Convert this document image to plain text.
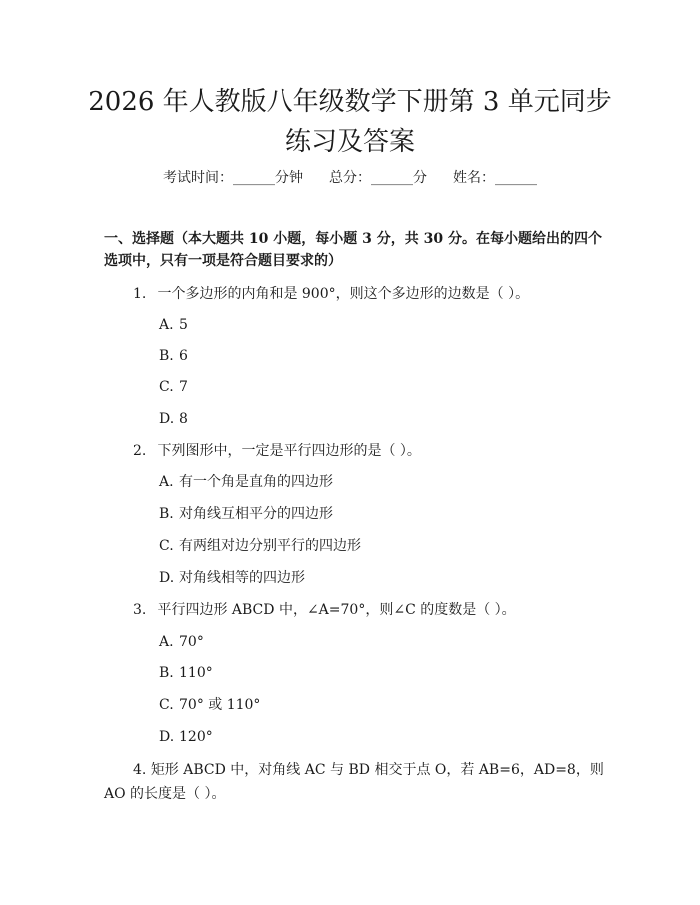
2026 年人教版八年级数学下册第 3 单元同步
练习及答案
考试时间：______分钟 总分：______分 姓名：______

一、选择题（本大题共 10 小题，每小题 3 分，共 30 分。在每小题给出的四个选项中，只有一项是符合题目要求的）

1. 一个多边形的内角和是 900°，则这个多边形的边数是（ ）。
A. 5
B. 6
C. 7
D. 8
2. 下列图形中，一定是平行四边形的是（ ）。
A. 有一个角是直角的四边形
B. 对角线互相平分的四边形
C. 有两组对边分别平行的四边形
D. 对角线相等的四边形
3. 平行四边形 ABCD 中，∠A=70°，则∠C 的度数是（ ）。
A. 70°
B. 110°
C. 70° 或 110°
D. 120°
4. 矩形 ABCD 中，对角线 AC 与 BD 相交于点 O，若 AB=6，AD=8，则 AO 的长度是（ ）。
